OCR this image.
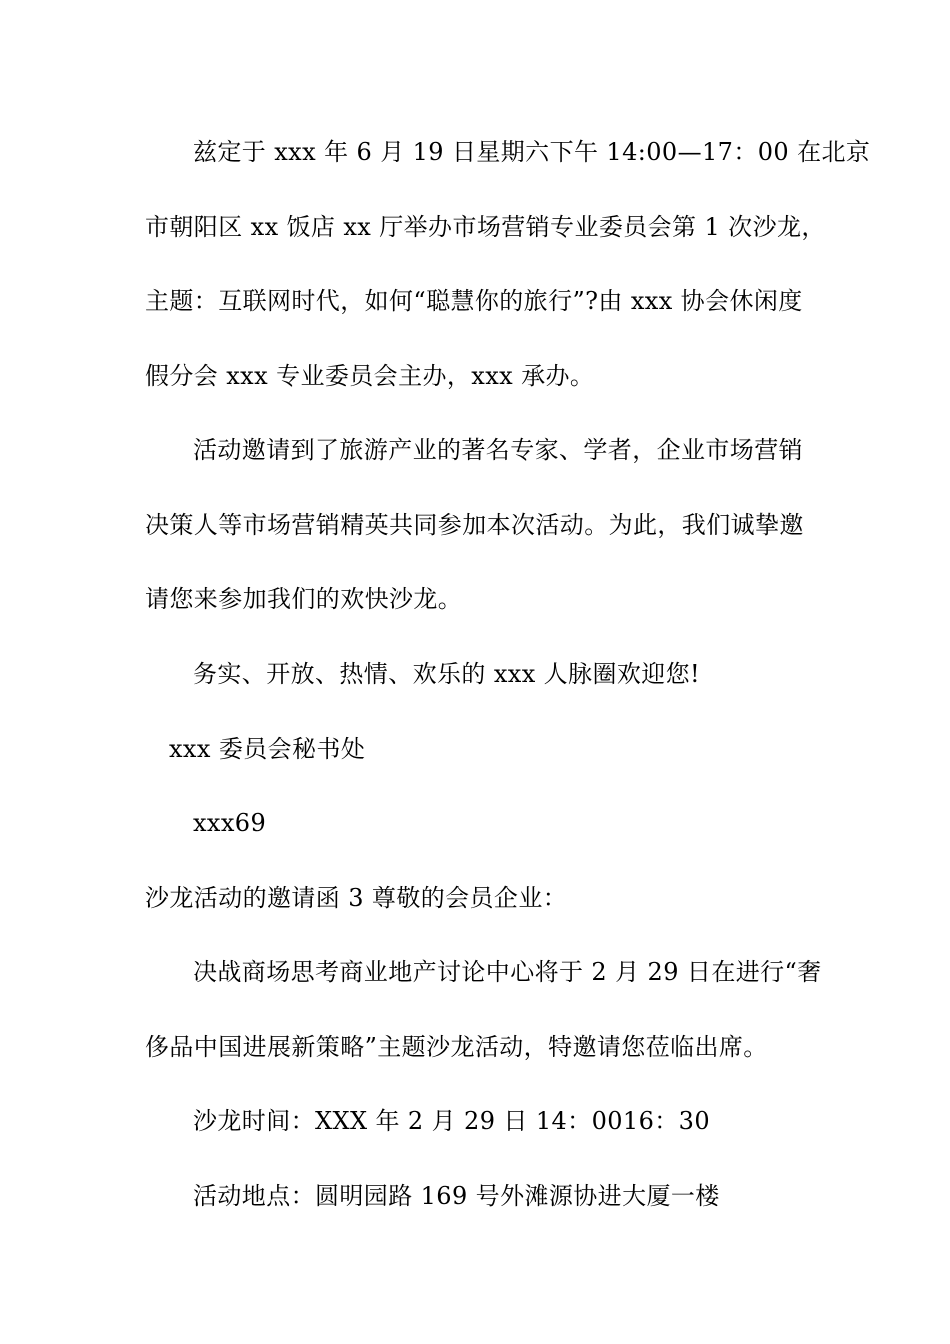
兹定于 xxx 年 6 月 19 日星期六下午 14:00—17：00 在北京
市朝阳区 xx 饭店 xx 厅举办市场营销专业委员会第 1 次沙龙，
主题：互联网时代，如何“聪慧你的旅行”?由 xxx 协会休闲度
假分会 xxx 专业委员会主办，xxx 承办。
活动邀请到了旅游产业的著名专家、学者，企业市场营销
决策人等市场营销精英共同参加本次活动。为此，我们诚挚邀
请您来参加我们的欢快沙龙。
务实、开放、热情、欢乐的 xxx 人脉圈欢迎您!
xxx 委员会秘书处
xxx69
沙龙活动的邀请函 3 尊敬的会员企业：
决战商场思考商业地产讨论中心将于 2 月 29 日在进行“奢
侈品中国进展新策略”主题沙龙活动，特邀请您莅临出席。
沙龙时间：XXX 年 2 月 29 日 14：0016：30
活动地点：圆明园路 169 号外滩源协进大厦一楼
